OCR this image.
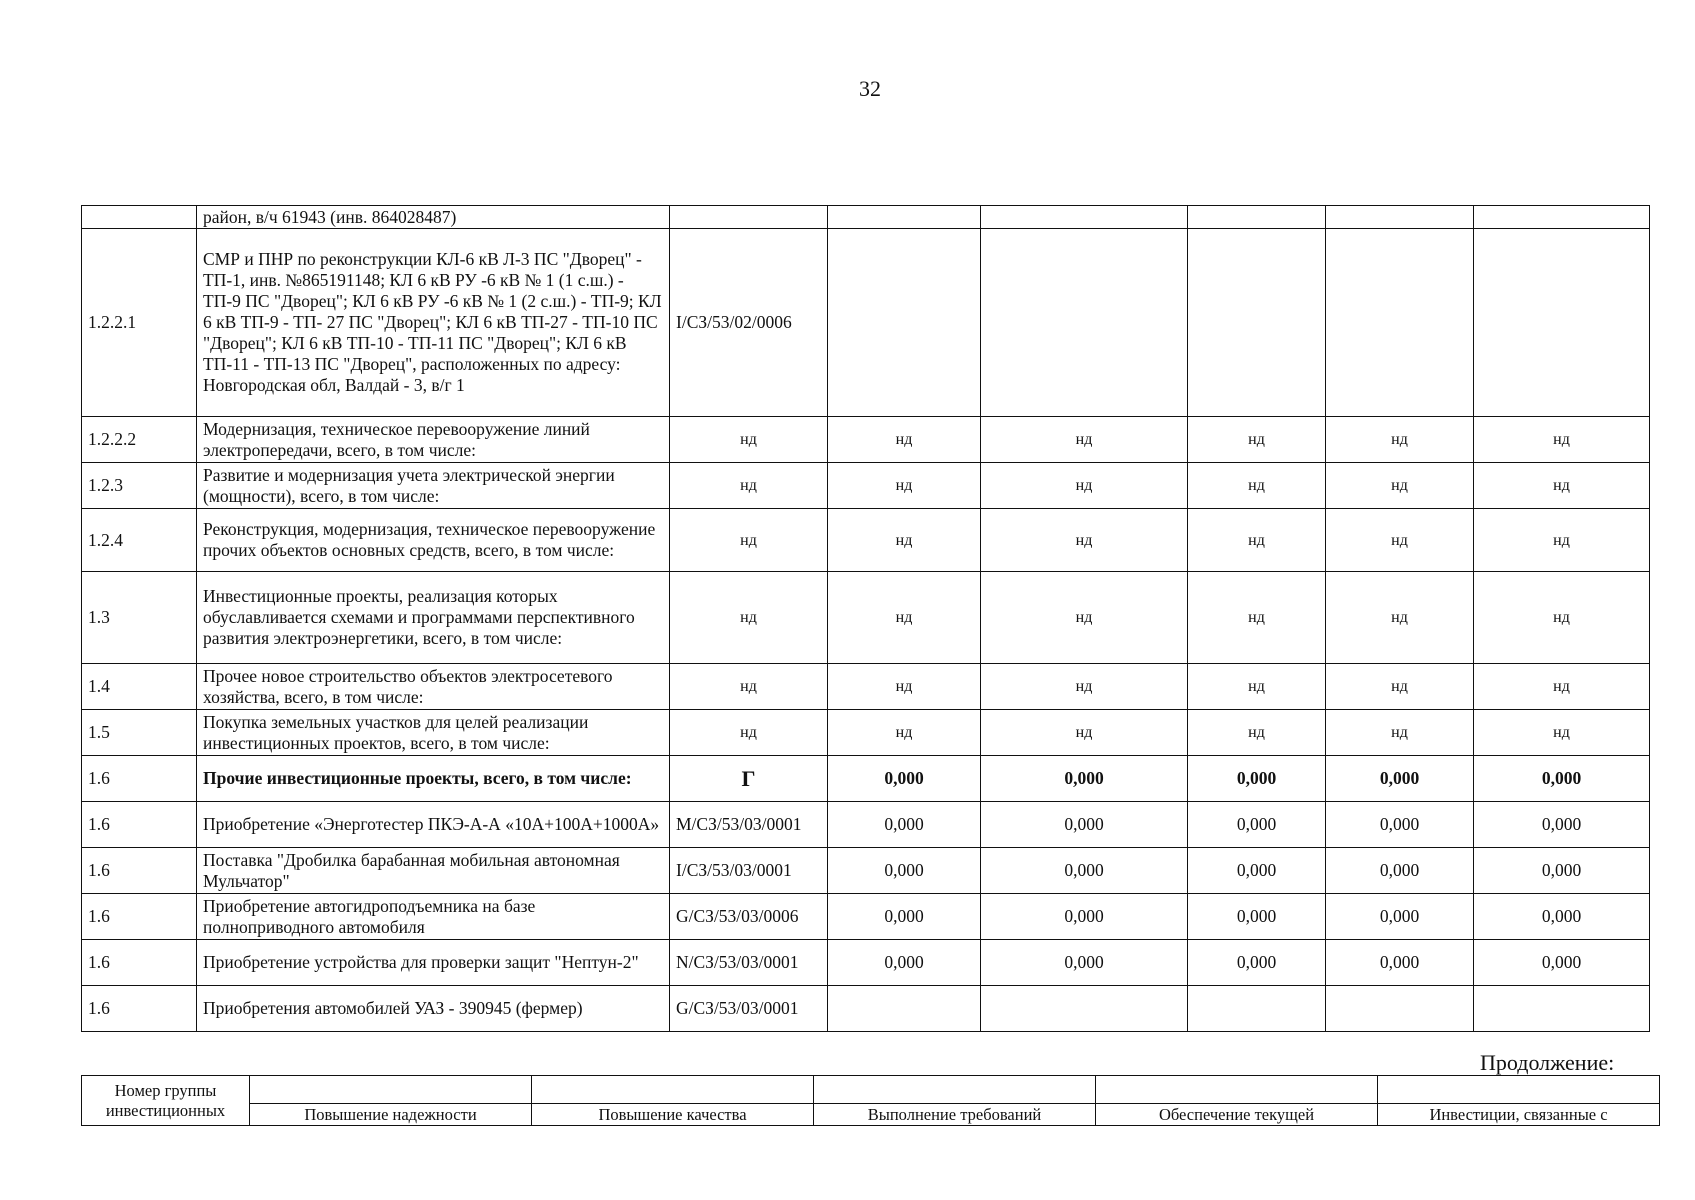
32
	район, в/ч 61943 (инв. 864028487)						
1.2.2.1	СМР и ПНР по реконструкции КЛ-6 кВ Л-3 ПС "Дворец" - ТП-1, инв. №865191148; КЛ 6 кВ РУ -6 кВ № 1 (1 с.ш.) - ТП-9 ПС "Дворец"; КЛ 6 кВ РУ -6 кВ № 1 (2 с.ш.) - ТП-9; КЛ 6 кВ ТП-9 - ТП- 27 ПС "Дворец"; КЛ 6 кВ ТП-27 - ТП-10 ПС "Дворец"; КЛ 6 кВ ТП-10 - ТП-11 ПС "Дворец"; КЛ 6 кВ ТП-11 - ТП-13 ПС "Дворец", расположенных по адресу: Новгородская обл, Валдай - 3, в/г 1	I/СЗ/53/02/0006					
1.2.2.2	Модернизация, техническое перевооружение линий электропередачи, всего, в том числе:	нд	нд	нд	нд	нд	нд
1.2.3	Развитие и модернизация учета электрической энергии (мощности), всего, в том числе:	нд	нд	нд	нд	нд	нд
1.2.4	Реконструкция, модернизация, техническое перевооружение прочих объектов основных средств, всего, в том числе:	нд	нд	нд	нд	нд	нд
1.3	Инвестиционные проекты, реализация которых обуславливается схемами и программами перспективного развития электроэнергетики, всего, в том числе:	нд	нд	нд	нд	нд	нд
1.4	Прочее новое строительство объектов электросетевого хозяйства, всего, в том числе:	нд	нд	нд	нд	нд	нд
1.5	Покупка земельных участков для целей реализации инвестиционных проектов, всего, в том числе:	нд	нд	нд	нд	нд	нд
1.6	Прочие инвестиционные проекты, всего, в том числе:	Г	0,000	0,000	0,000	0,000	0,000
1.6	Приобретение «Энерготестер ПКЭ-А-А «10А+100А+1000А»	M/СЗ/53/03/0001	0,000	0,000	0,000	0,000	0,000
1.6	Поставка "Дробилка барабанная мобильная автономная Мульчатор"	I/СЗ/53/03/0001	0,000	0,000	0,000	0,000	0,000
1.6	Приобретение автогидроподъемника на базе полноприводного автомобиля	G/СЗ/53/03/0006	0,000	0,000	0,000	0,000	0,000
1.6	Приобретение устройства для проверки защит "Нептун-2"	N/СЗ/53/03/0001	0,000	0,000	0,000	0,000	0,000
1.6	Приобретения автомобилей УАЗ - 390945 (фермер)	G/СЗ/53/03/0001					
Продолжение:
Номер группы
инвестиционных					
	Повышение надежности	Повышение качества	Выполнение требований	Обеспечение текущей	Инвестиции, связанные с
